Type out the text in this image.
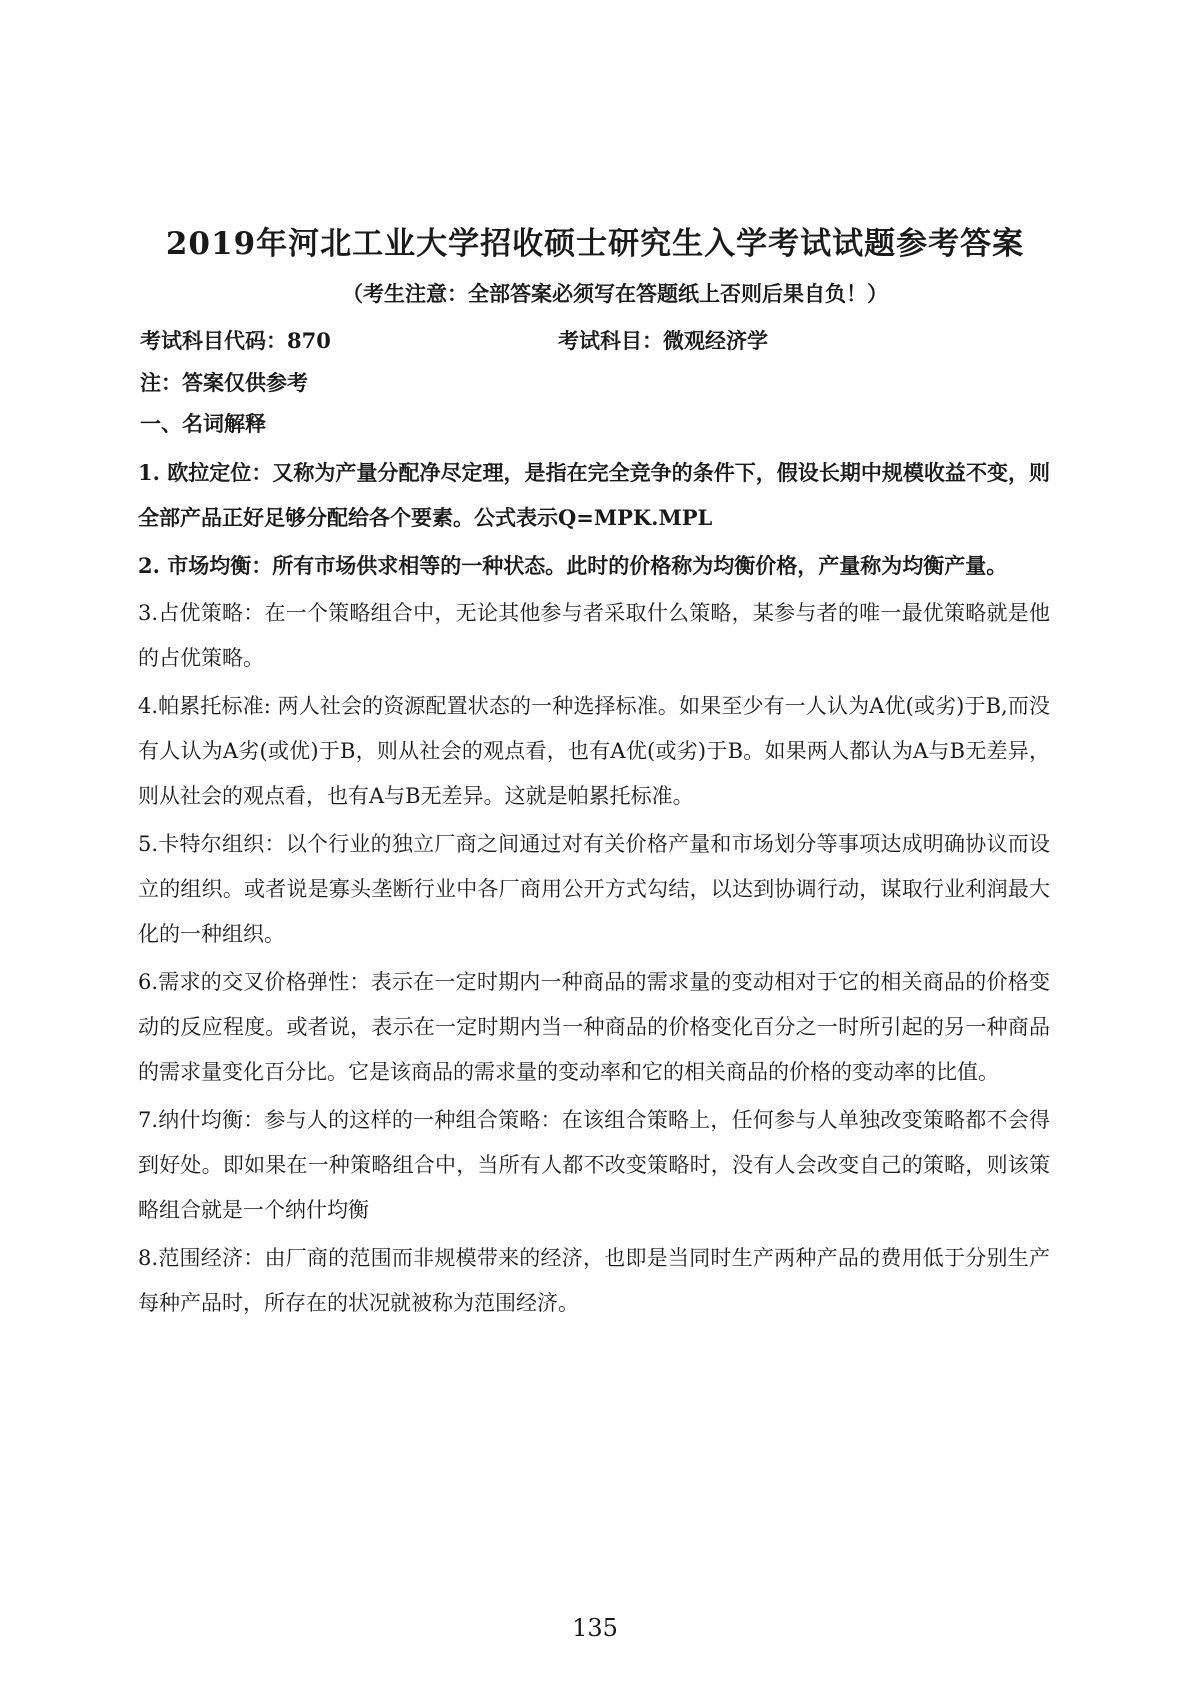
2019年河北工业大学招收硕士研究生入学考试试题参考答案
（考生注意：全部答案必须写在答题纸上否则后果自负！）
考试科目代码：870	考试科目：微观经济学
注：答案仅供参考
一、名词解释
1. 欧拉定位：又称为产量分配净尽定理，是指在完全竞争的条件下，假设长期中规模收益不变，则全部产品正好足够分配给各个要素。公式表示Q=MPK.MPL
2. 市场均衡：所有市场供求相等的一种状态。此时的价格称为均衡价格，产量称为均衡产量。
3.占优策略：在一个策略组合中，无论其他参与者采取什么策略，某参与者的唯一最优策略就是他的占优策略。
4.帕累托标准: 两人社会的资源配置状态的一种选择标准。如果至少有一人认为A优(或劣)于B,而没有人认为A劣(或优)于B，则从社会的观点看，也有A优(或劣)于B。如果两人都认为A与B无差异，则从社会的观点看，也有A与B无差异。这就是帕累托标准。
5.卡特尔组织：以个行业的独立厂商之间通过对有关价格产量和市场划分等事项达成明确协议而设立的组织。或者说是寡头垄断行业中各厂商用公开方式勾结，以达到协调行动，谋取行业利润最大化的一种组织。
6.需求的交叉价格弹性：表示在一定时期内一种商品的需求量的变动相对于它的相关商品的价格变动的反应程度。或者说，表示在一定时期内当一种商品的价格变化百分之一时所引起的另一种商品的需求量变化百分比。它是该商品的需求量的变动率和它的相关商品的价格的变动率的比值。
7.纳什均衡：参与人的这样的一种组合策略：在该组合策略上，任何参与人单独改变策略都不会得到好处。即如果在一种策略组合中，当所有人都不改变策略时，没有人会改变自己的策略，则该策略组合就是一个纳什均衡
8.范围经济：由厂商的范围而非规模带来的经济，也即是当同时生产两种产品的费用低于分别生产每种产品时，所存在的状况就被称为范围经济。
135
